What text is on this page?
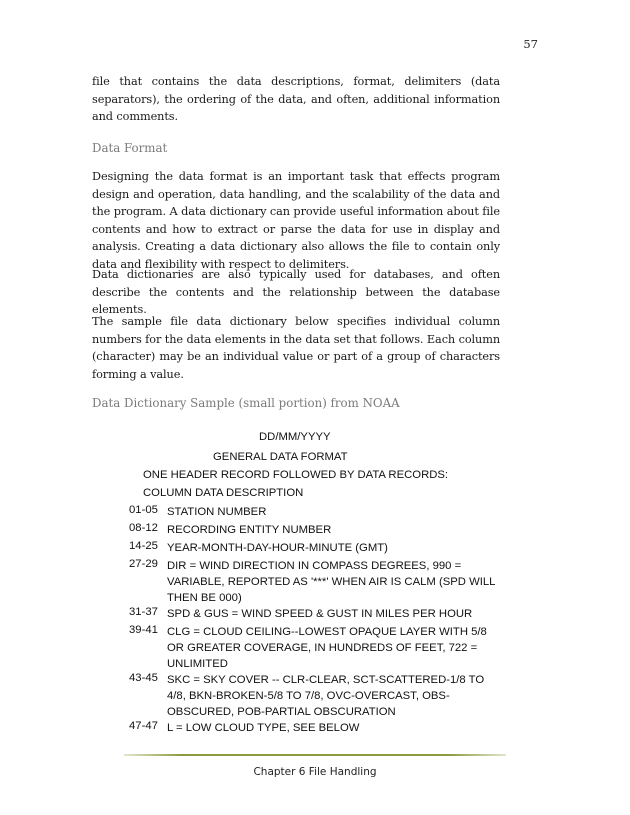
57

file that contains the data descriptions, format, delimiters (data separators), the ordering of the data, and often, additional information and comments.

Data Format

Designing the data format is an important task that effects program design and operation, data handling, and the scalability of the data and the program. A data dictionary can provide useful information about file contents and how to extract or parse the data for use in display and analysis. Creating a data dictionary also allows the file to contain only data and flexibility with respect to delimiters.

Data dictionaries are also typically used for databases, and often describe the contents and the relationship between the database elements.

The sample file data dictionary below specifies individual column numbers for the data elements in the data set that follows. Each column (character) may be an individual value or part of a group of characters forming a value.

Data Dictionary Sample (small portion) from NOAA
DD/MM/YYYY
GENERAL DATA FORMAT
ONE HEADER RECORD FOLLOWED BY DATA RECORDS:
COLUMN DATA DESCRIPTION
01-05 STATION NUMBER
08-12 RECORDING ENTITY NUMBER
14-25 YEAR-MONTH-DAY-HOUR-MINUTE (GMT)
27-29 DIR = WIND DIRECTION IN COMPASS DEGREES, 990 = VARIABLE, REPORTED AS '***' WHEN AIR IS CALM (SPD WILL THEN BE 000)
31-37 SPD & GUS = WIND SPEED & GUST IN MILES PER HOUR
39-41 CLG = CLOUD CEILING--LOWEST OPAQUE LAYER WITH 5/8 OR GREATER COVERAGE, IN HUNDREDS OF FEET, 722 = UNLIMITED
43-45 SKC = SKY COVER -- CLR-CLEAR, SCT-SCATTERED-1/8 TO 4/8, BKN-BROKEN-5/8 TO 7/8, OVC-OVERCAST, OBS-OBSCURED, POB-PARTIAL OBSCURATION
47-47 L = LOW CLOUD TYPE, SEE BELOW
Chapter 6 File Handling
